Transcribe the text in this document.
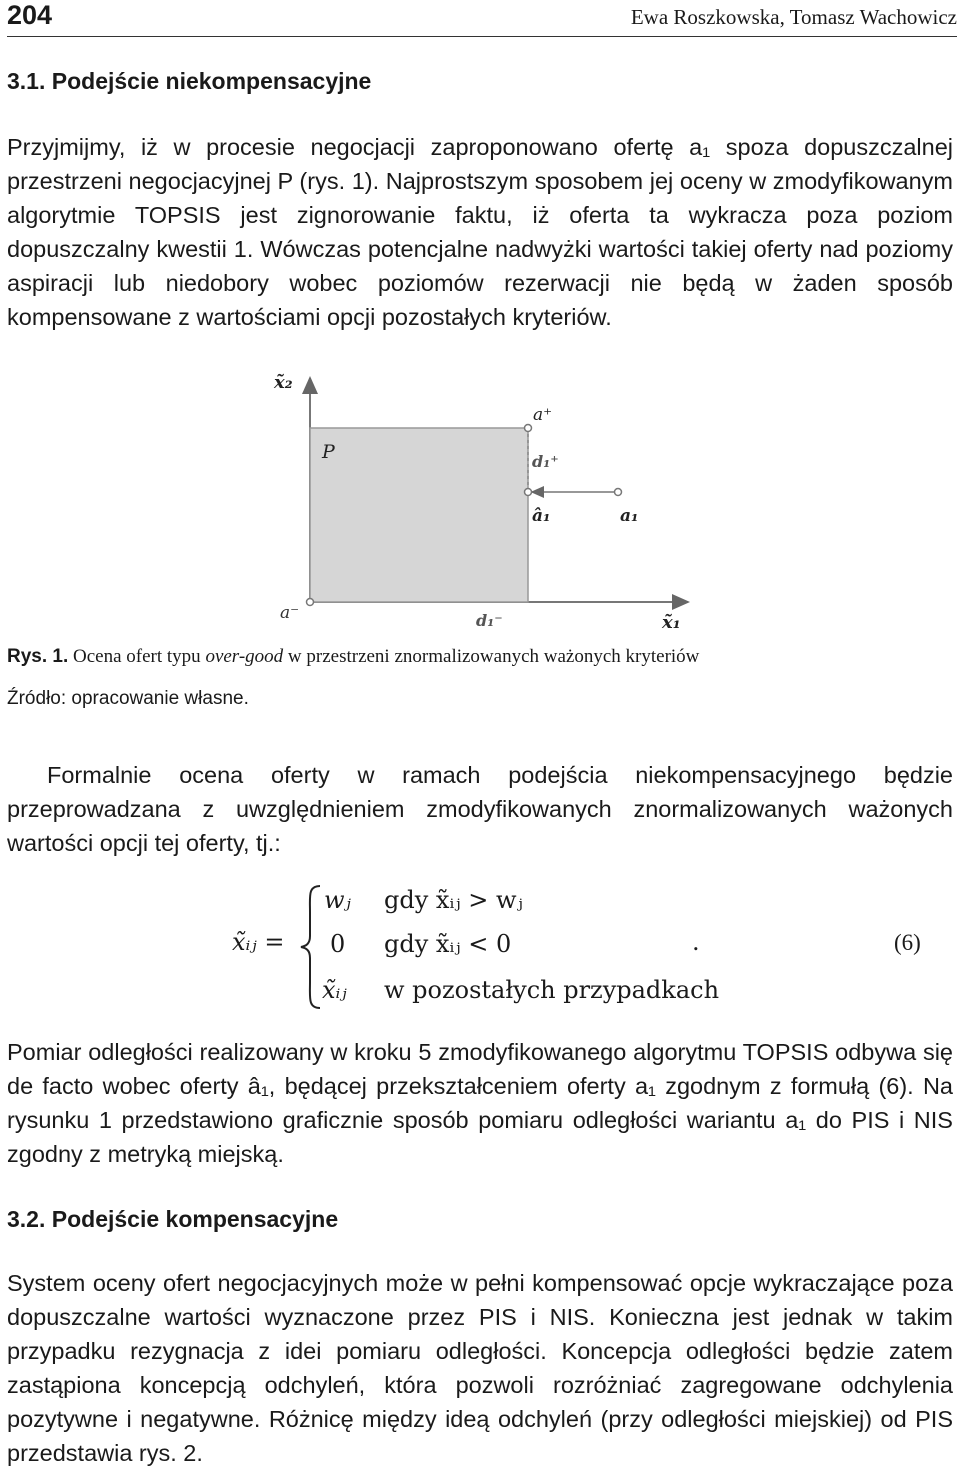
204	Ewa Roszkowska, Tomasz Wachowicz
3.1. Podejście niekompensacyjne
Przyjmijmy, iż w procesie negocjacji zaproponowano ofertę a₁ spoza dopuszczalnej przestrzeni negocjacyjnej P (rys. 1). Najprostszym sposobem jej oceny w zmodyfikowanym algorytmie TOPSIS jest zignorowanie faktu, iż oferta ta wykracza poza poziom dopuszczalny kwestii 1. Wówczas potencjalne nadwyżki wartości takiej oferty nad poziomy aspiracji lub niedobory wobec poziomów rezerwacji nie będą w żaden sposób kompensowane z wartościami opcji pozostałych kryteriów.
x̃₂
x̃₁
P
a⁺
d₁⁺
â₁	a₁
a⁻	d₁⁻
Rys. 1. Ocena ofert typu over-good w przestrzeni znormalizowanych ważonych kryteriów
Źródło: opracowanie własne.
Formalnie ocena oferty w ramach podejścia niekompensacyjnego będzie przeprowadzana z uwzględnieniem zmodyfikowanych znormalizowanych ważonych wartości opcji tej oferty, tj.:
x̃ᵢⱼ =
wⱼ gdy x̃ᵢⱼ > wⱼ
0 gdy x̃ᵢⱼ < 0
x̃ᵢⱼ w pozostałych przypadkach
.	(6)
Pomiar odległości realizowany w kroku 5 zmodyfikowanego algorytmu TOPSIS odbywa się de facto wobec oferty â₁, będącej przekształceniem oferty a₁ zgodnym z formułą (6). Na rysunku 1 przedstawiono graficznie sposób pomiaru odległości wariantu a₁ do PIS i NIS zgodny z metryką miejską.
3.2. Podejście kompensacyjne
System oceny ofert negocjacyjnych może w pełni kompensować opcje wykraczające poza dopuszczalne wartości wyznaczone przez PIS i NIS. Konieczna jest jednak w takim przypadku rezygnacja z idei pomiaru odległości. Koncepcja odległości będzie zatem zastąpiona koncepcją odchyleń, która pozwoli rozróżniać zagregowane odchylenia pozytywne i negatywne. Różnicę między ideą odchyleń (przy odległości miejskiej) od PIS przedstawia rys. 2.
